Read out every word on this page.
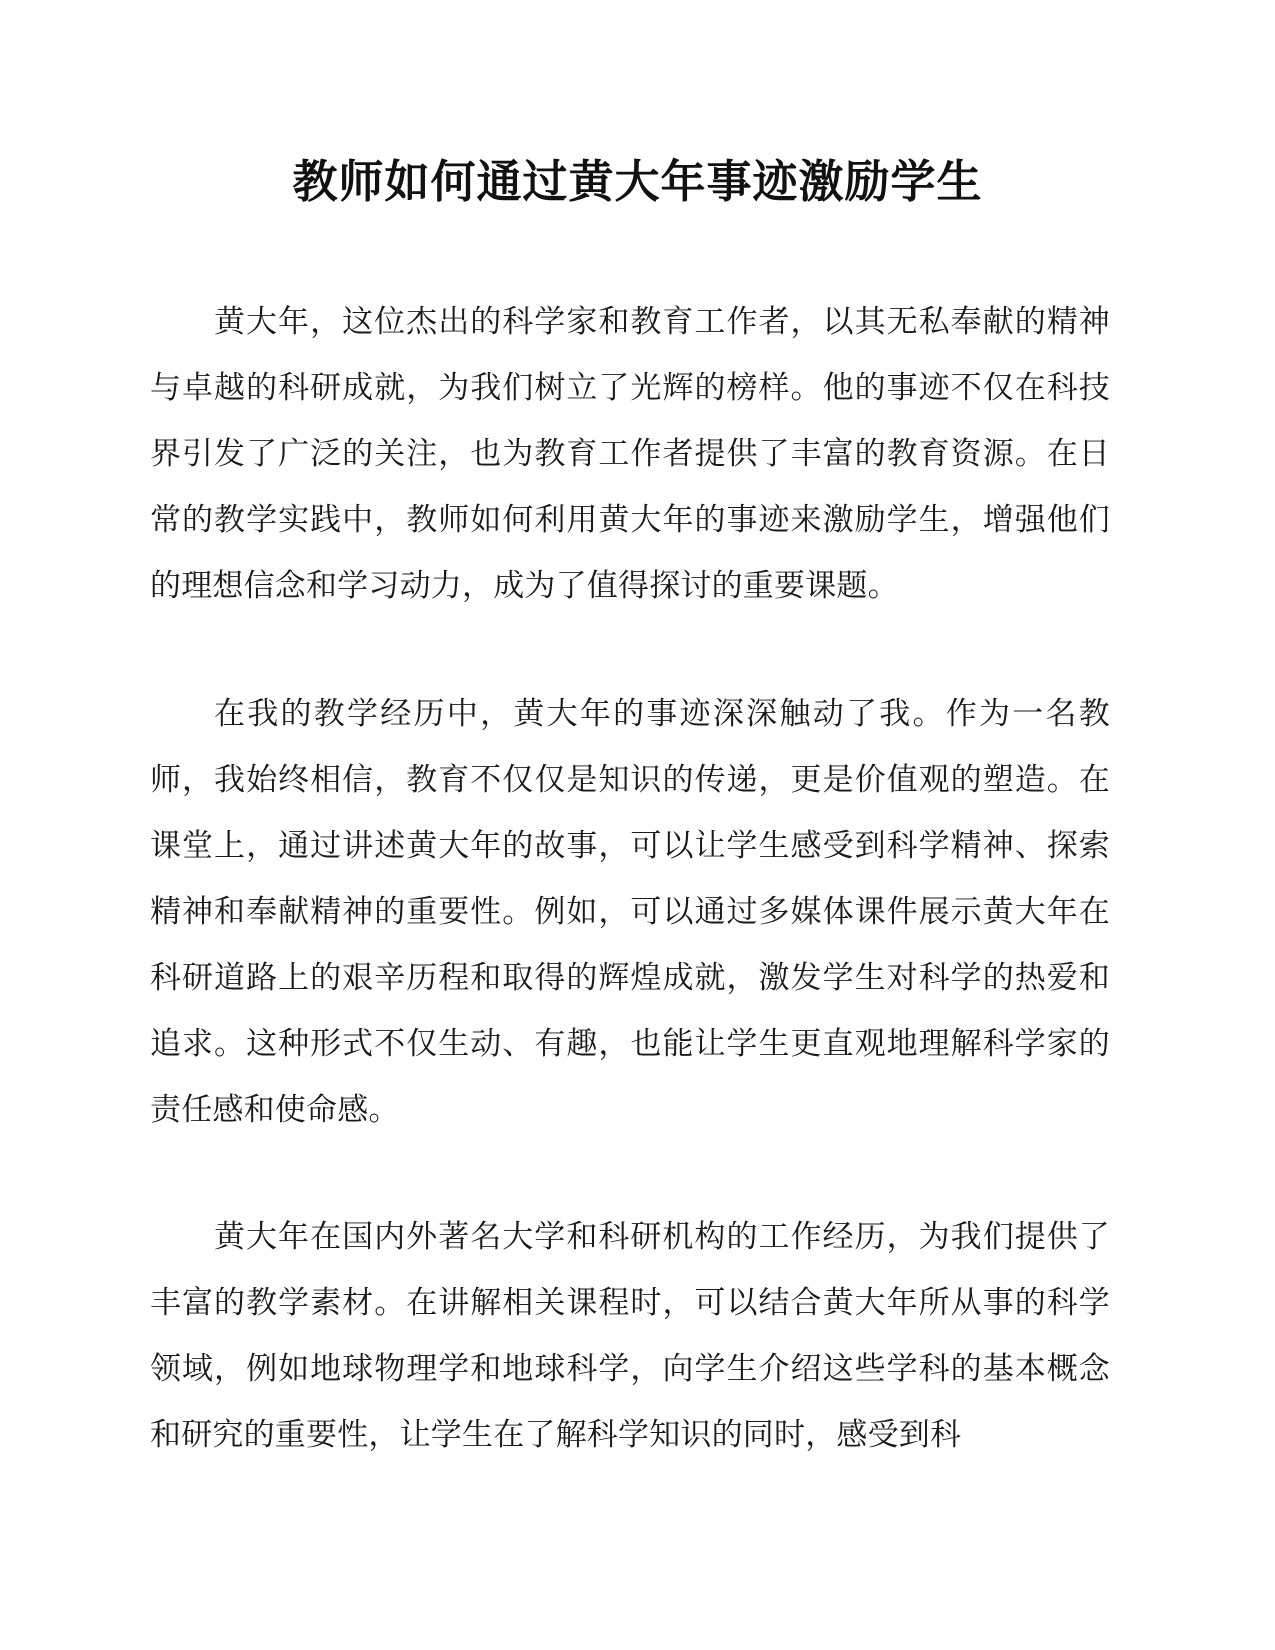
教师如何通过黄大年事迹激励学生

黄大年，这位杰出的科学家和教育工作者，以其无私奉献的精神与卓越的科研成就，为我们树立了光辉的榜样。他的事迹不仅在科技界引发了广泛的关注，也为教育工作者提供了丰富的教育资源。在日常的教学实践中，教师如何利用黄大年的事迹来激励学生，增强他们的理想信念和学习动力，成为了值得探讨的重要课题。

在我的教学经历中，黄大年的事迹深深触动了我。作为一名教师，我始终相信，教育不仅仅是知识的传递，更是价值观的塑造。在课堂上，通过讲述黄大年的故事，可以让学生感受到科学精神、探索精神和奉献精神的重要性。例如，可以通过多媒体课件展示黄大年在科研道路上的艰辛历程和取得的辉煌成就，激发学生对科学的热爱和追求。这种形式不仅生动、有趣，也能让学生更直观地理解科学家的责任感和使命感。

黄大年在国内外著名大学和科研机构的工作经历，为我们提供了丰富的教学素材。在讲解相关课程时，可以结合黄大年所从事的科学领域，例如地球物理学和地球科学，向学生介绍这些学科的基本概念和研究的重要性，让学生在了解科学知识的同时，感受到科
